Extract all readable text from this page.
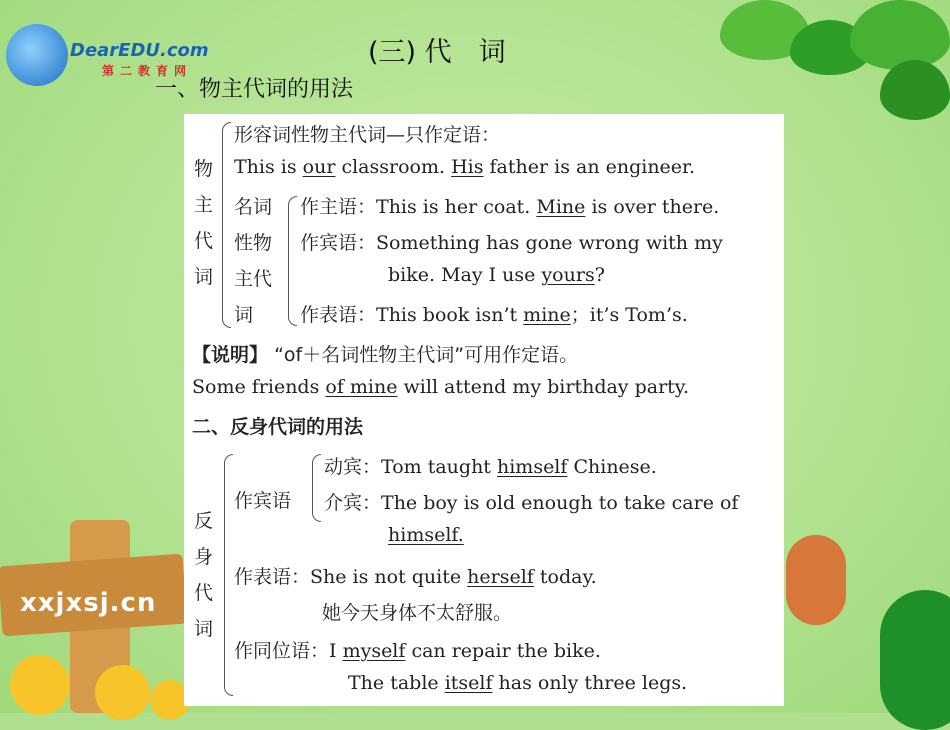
DearEDU.com
第二教育网
xxjxsj.cn
(三) 代　词
一、物主代词的用法
物
主
代
词
形容词性物主代词—只作定语：
This is our classroom. His father is an engineer.
名词
性物
主代
词
作主语：This is her coat. Mine is over there.
作宾语：Something has gone wrong with my
bike. May I use yours?
作表语：This book isn’t mine；it’s Tom’s.
【说明】 “of＋名词性物主代词”可用作定语。
Some friends of mine will attend my birthday party.
二、反身代词的用法
反
身
代
词
作宾语
动宾：Tom taught himself Chinese.
介宾：The boy is old enough to take care of
himself.
作表语：She is not quite herself today.
她今天身体不太舒服。
作同位语：I myself can repair the bike.
The table itself has only three legs.
